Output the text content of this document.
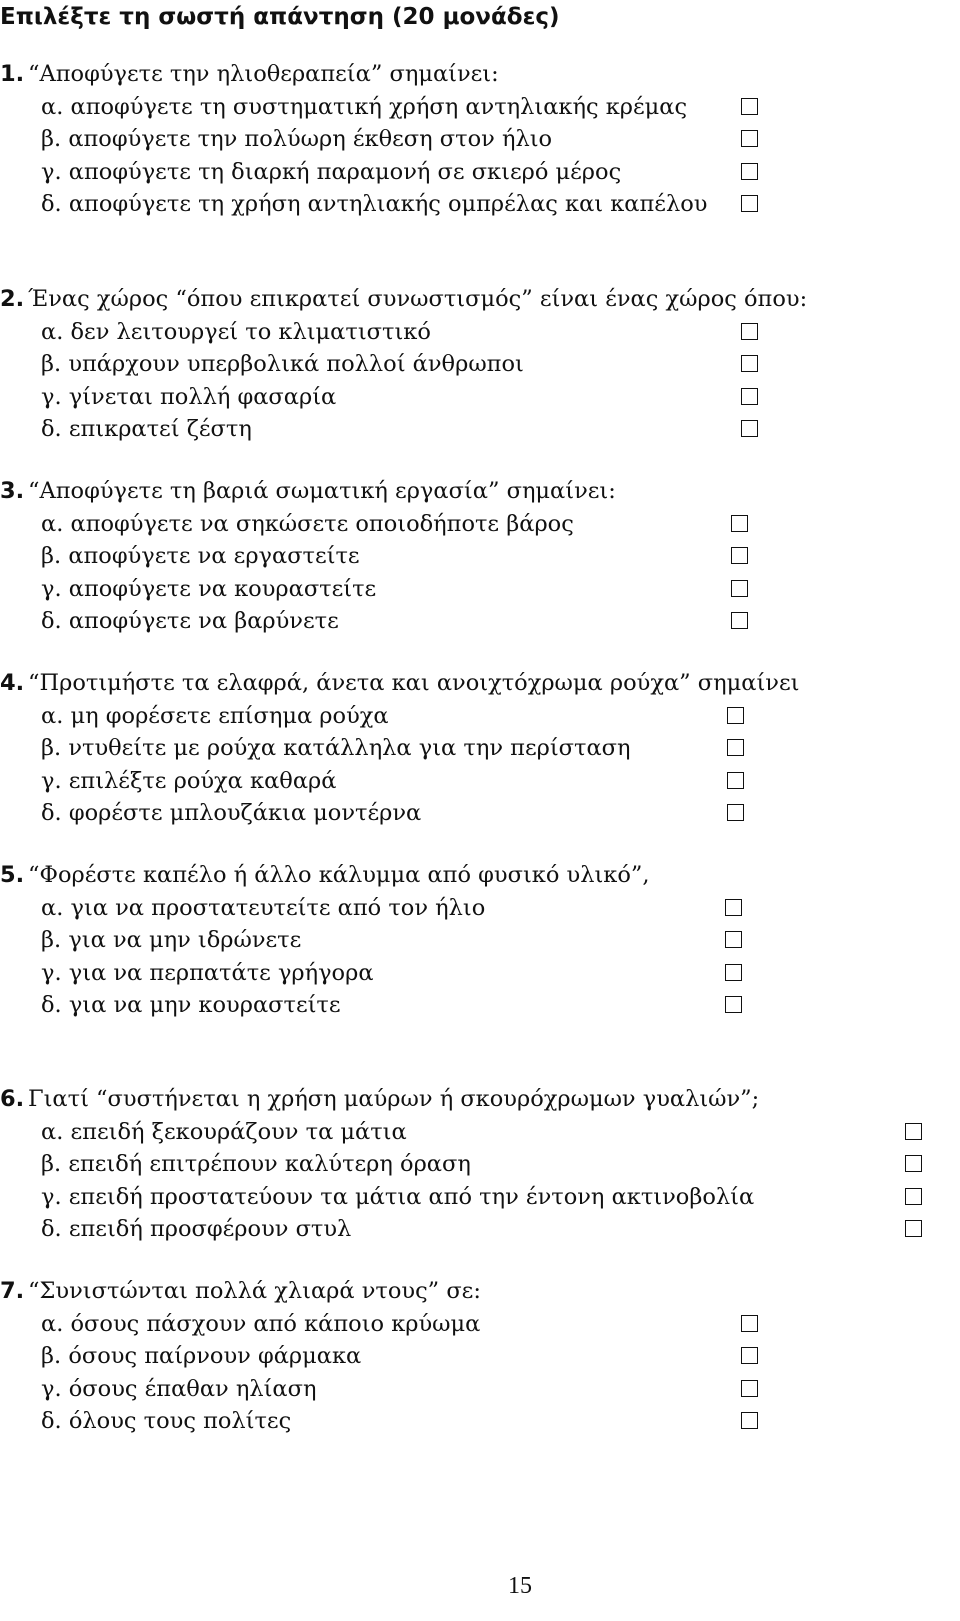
Επιλέξτε τη σωστή απάντηση (20 μονάδες)
1. “Αποφύγετε την ηλιοθεραπεία” σημαίνει:
α. αποφύγετε τη συστηματική χρήση αντηλιακής κρέμας
β. αποφύγετε την πολύωρη έκθεση στον ήλιο
γ. αποφύγετε τη διαρκή παραμονή σε σκιερό μέρος
δ. αποφύγετε τη χρήση αντηλιακής ομπρέλας και καπέλου
2. Ένας χώρος “όπου επικρατεί συνωστισμός” είναι ένας χώρος όπου:
α. δεν λειτουργεί το κλιματιστικό
β. υπάρχουν υπερβολικά πολλοί άνθρωποι
γ. γίνεται πολλή φασαρία
δ. επικρατεί ζέστη
3. “Αποφύγετε τη βαριά σωματική εργασία” σημαίνει:
α. αποφύγετε να σηκώσετε οποιοδήποτε βάρος
β. αποφύγετε να εργαστείτε
γ. αποφύγετε να κουραστείτε
δ. αποφύγετε να βαρύνετε
4. “Προτιμήστε τα ελαφρά, άνετα και ανοιχτόχρωμα ρούχα” σημαίνει
α. μη φορέσετε επίσημα ρούχα
β. ντυθείτε με ρούχα κατάλληλα για την περίσταση
γ. επιλέξτε ρούχα καθαρά
δ. φορέστε μπλουζάκια μοντέρνα
5. “Φορέστε καπέλο ή άλλο κάλυμμα από φυσικό υλικό”,
α. για να προστατευτείτε από τον ήλιο
β. για να μην ιδρώνετε
γ. για να περπατάτε γρήγορα
δ. για να μην κουραστείτε
6. Γιατί “συστήνεται η χρήση μαύρων ή σκουρόχρωμων γυαλιών”;
α. επειδή ξεκουράζουν τα μάτια
β. επειδή επιτρέπουν καλύτερη όραση
γ. επειδή προστατεύουν τα μάτια από την έντονη ακτινοβολία
δ. επειδή προσφέρουν στυλ
7. “Συνιστώνται πολλά χλιαρά ντους” σε:
α. όσους πάσχουν από κάποιο κρύωμα
β. όσους παίρνουν φάρμακα
γ. όσους έπαθαν ηλίαση
δ. όλους τους πολίτες
15
